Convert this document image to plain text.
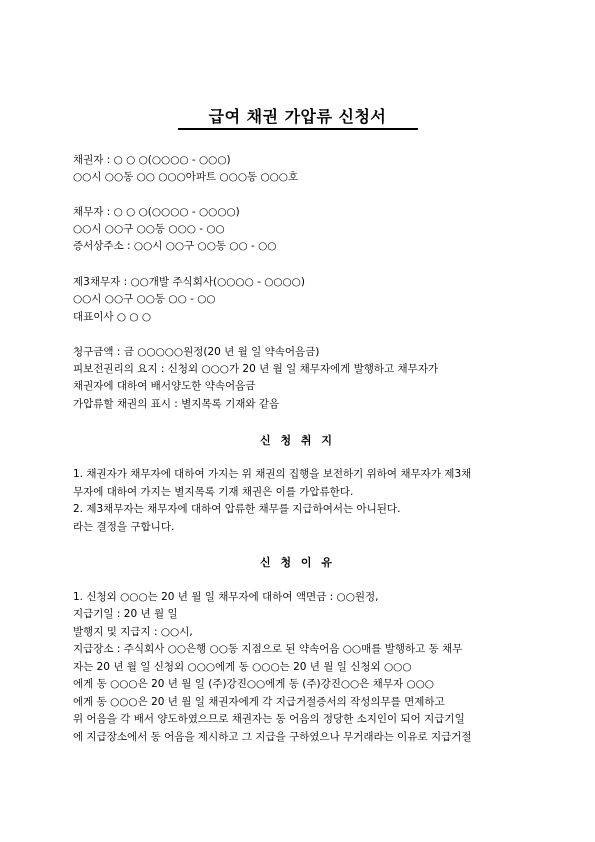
급여 채권 가압류 신청서
채권자 : ○ ○ ○(○○○○ - ○○○)
○○시 ○○동 ○○ ○○○아파트 ○○○동 ○○○호
채무자 : ○ ○ ○(○○○○ - ○○○○)
○○시 ○○구 ○○동 ○○○ - ○○
증서상주소 : ○○시 ○○구 ○○동 ○○ - ○○
제3채무자 : ○○개발 주식회사(○○○○ - ○○○○)
○○시 ○○구 ○○동 ○○ - ○○
대표이사 ○ ○ ○
청구금액 : 금 ○○○○○원정(20 년 월 일 약속어음금)
피보전권리의 요지 : 신청외 ○○○가 20 년 월 일 채무자에게 발행하고 채무자가
채권자에 대하여 배서양도한 약속어음금
가압류할 채권의 표시 : 별지목록 기재와 같음
신 청 취 지
1. 채권자가 채무자에 대하여 가지는 위 채권의 집행을 보전하기 위하여 채무자가 제3채
무자에 대하여 가지는 별지목록 기재 채권은 이를 가압류한다.
2. 제3채무자는 채무자에 대하여 압류한 채무를 지급하여서는 아니된다.
라는 결정을 구합니다.
신 청 이 유
1. 신청외 ○○○는 20 년 월 일 채무자에 대하여 액면금 : ○○원정,
지급기일 : 20 년 월 일
발행지 및 지급지 : ○○시,
지급장소 : 주식회사 ○○은행 ○○동 지점으로 된 약속어음 ○○매를 발행하고 동 채무
자는 20 년 월 일 신청외 ○○○에게 동 ○○○는 20 년 월 일 신청외 ○○○
에게 동 ○○○은 20 년 월 일 (주)강진○○에게 동 (주)강진○○은 채무자 ○○○
에게 동 ○○○은 20 년 월 일 채권자에게 각 지급거절증서의 작성의무를 면제하고
위 어음을 각 배서 양도하였으므로 채권자는 동 어음의 정당한 소지인이 되어 지급기일
에 지급장소에서 동 어음을 제시하고 그 지급을 구하였으나 무거래라는 이유로 지급거절
